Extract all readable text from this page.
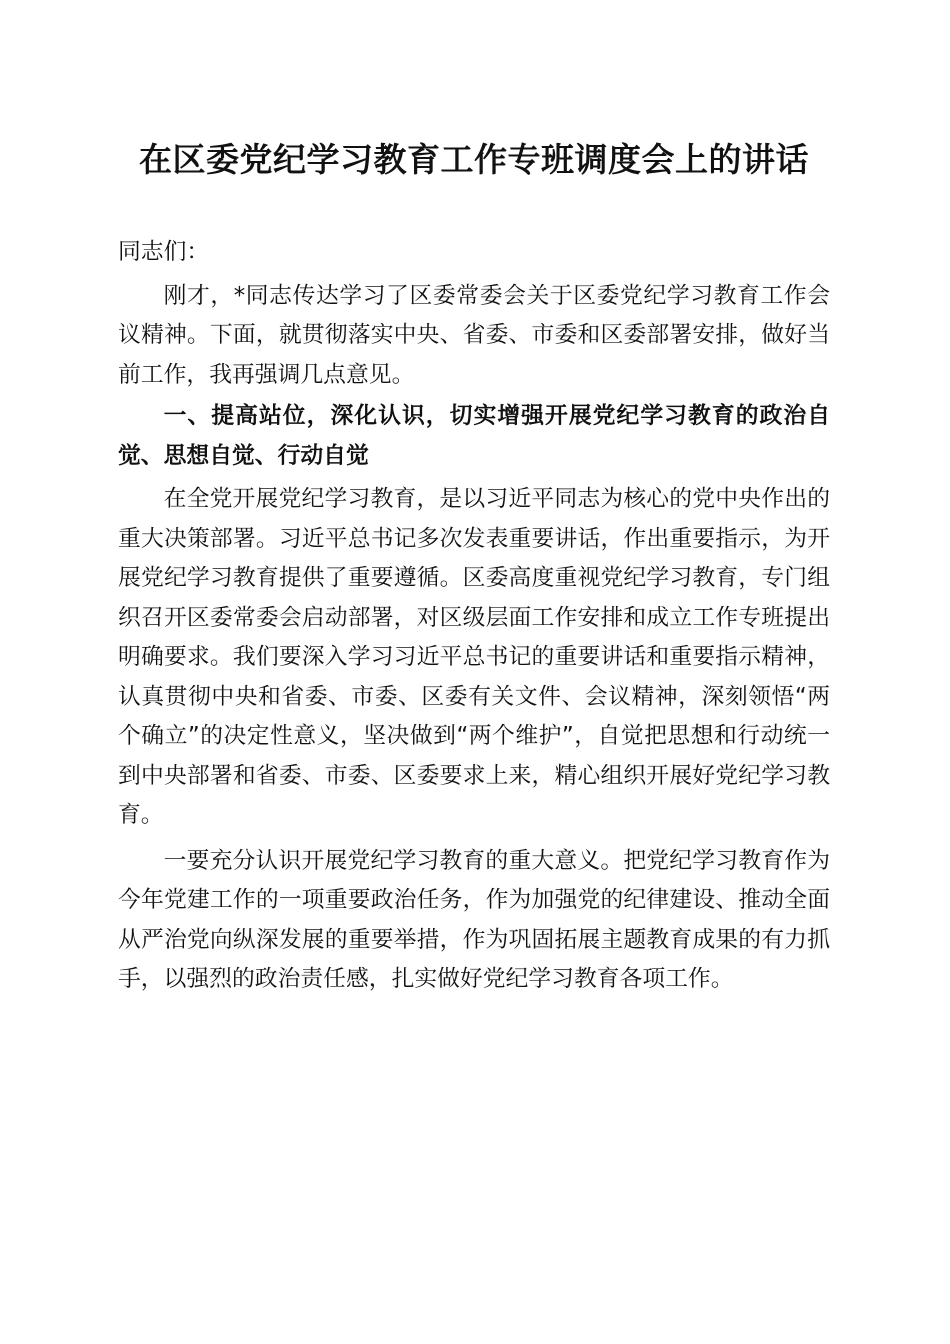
在区委党纪学习教育工作专班调度会上的讲话

同志们：

刚才，*同志传达学习了区委常委会关于区委党纪学习教育工作会议精神。下面，就贯彻落实中央、省委、市委和区委部署安排，做好当前工作，我再强调几点意见。

一、提高站位，深化认识，切实增强开展党纪学习教育的政治自觉、思想自觉、行动自觉

在全党开展党纪学习教育，是以习近平同志为核心的党中央作出的重大决策部署。习近平总书记多次发表重要讲话，作出重要指示，为开展党纪学习教育提供了重要遵循。区委高度重视党纪学习教育，专门组织召开区委常委会启动部署，对区级层面工作安排和成立工作专班提出明确要求。我们要深入学习习近平总书记的重要讲话和重要指示精神，认真贯彻中央和省委、市委、区委有关文件、会议精神，深刻领悟“两个确立”的决定性意义，坚决做到“两个维护”，自觉把思想和行动统一到中央部署和省委、市委、区委要求上来，精心组织开展好党纪学习教育。

一要充分认识开展党纪学习教育的重大意义。把党纪学习教育作为今年党建工作的一项重要政治任务，作为加强党的纪律建设、推动全面从严治党向纵深发展的重要举措，作为巩固拓展主题教育成果的有力抓手，以强烈的政治责任感，扎实做好党纪学习教育各项工作。
